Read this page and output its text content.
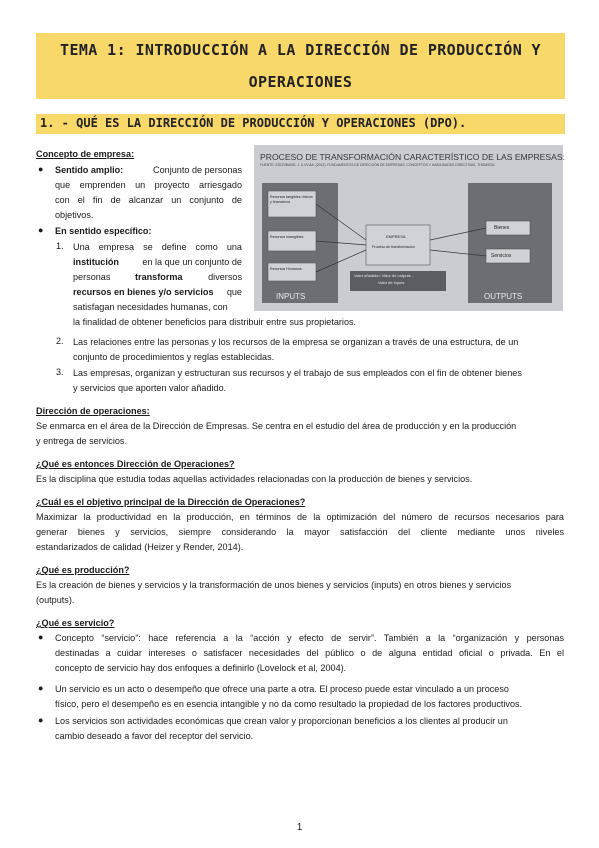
TEMA 1: INTRODUCCIÓN A LA DIRECCIÓN DE PRODUCCIÓN Y
OPERACIONES
1. - QUÉ ES LA DIRECCIÓN DE PRODUCCIÓN Y OPERACIONES (DPO).
Concepto de empresa:
● Sentido amplio:	Conjunto de personas
que emprenden un proyecto arriesgado
con el fin de alcanzar un conjunto de
objetivos.
● En sentido específico:
1. Una empresa se define como una
institución	en la que un conjunto de
personas	transforma	diversos
recursos en bienes y/o servicios que
satisfagan necesidades humanas, con
la finalidad de obtener beneficios para distribuir entre sus propietarios.
PROCESO DE TRANSFORMACIÓN CARACTERÍSTICO DE LAS EMPRESAS:
FUENTE: ESCRIBANO, J. & VV.AA. (2012). FUNDAMENTOS DE DIRECCIÓN DE EMPRESAS: CONCEPTOS Y HABILIDADES DIRECTIVAS. THOMSON.
Recursos tangibles: físicos y financieros
Recursos intangibles
Recursos Humanos
INPUTS
EMPRESA
Proceso de transformación
Valor añadido= Valor de outputs -
Valor de inputs
Bienes
Servicios
OUTPUTS
2. Las relaciones entre las personas y los recursos de la empresa se organizan a través de una estructura, de un
conjunto de procedimientos y reglas establecidas.
3. Las empresas, organizan y estructuran sus recursos y el trabajo de sus empleados con el fin de obtener bienes
y servicios que aporten valor añadido.
Dirección de operaciones:
Se enmarca en el área de la Dirección de Empresas. Se centra en el estudio del área de producción y en la producción
y entrega de servicios.
¿Qué es entonces Dirección de Operaciones?
Es la disciplina que estudia todas aquellas actividades relacionadas con la producción de bienes y servicios.
¿Cuál es el objetivo principal de la Dirección de Operaciones?
Maximizar la productividad en la producción, en términos de la optimización del número de recursos necesarios para
generar bienes y servicios, siempre considerando la mayor satisfacción del cliente mediante unos niveles
estandarizados de calidad (Heizer y Render, 2014).
¿Qué es producción?
Es la creación de bienes y servicios y la transformación de unos bienes y servicios (inputs) en otros bienes y servicios
(outputs).
¿Qué es servicio?
● Concepto “servicio”: hace referencia a la “acción y efecto de servir”. También a la “organización y personas
destinadas a cuidar intereses o satisfacer necesidades del público o de alguna entidad oficial o privada. En el
concepto de servicio hay dos enfoques a definirlo (Lovelock et al, 2004).
● Un servicio es un acto o desempeño que ofrece una parte a otra. El proceso puede estar vinculado a un proceso
físico, pero el desempeño es en esencia intangible y no da como resultado la propiedad de los factores productivos.
● Los servicios son actividades económicas que crean valor y proporcionan beneficios a los clientes al producir un
cambio deseado a favor del receptor del servicio.
1
